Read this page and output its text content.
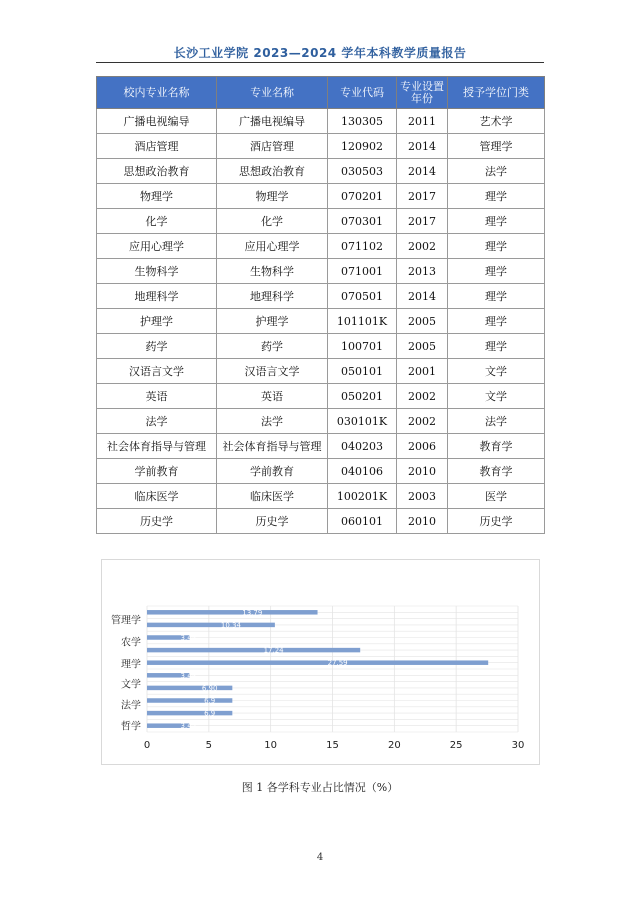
长沙工业学院 2023—2024 学年本科教学质量报告
校内专业名称	专业名称	专业代码	专业设置年份	授予学位门类
广播电视编导	广播电视编导	130305	2011	艺术学
酒店管理	酒店管理	120902	2014	管理学
思想政治教育	思想政治教育	030503	2014	法学
物理学	物理学	070201	2017	理学
化学	化学	070301	2017	理学
应用心理学	应用心理学	071102	2002	理学
生物科学	生物科学	071001	2013	理学
地理科学	地理科学	070501	2014	理学
护理学	护理学	101101K	2005	理学
药学	药学	100701	2005	理学
汉语言文学	汉语言文学	050101	2001	文学
英语	英语	050201	2002	文学
法学	法学	030101K	2002	法学
社会体育指导与管理	社会体育指导与管理	040203	2006	教育学
学前教育	学前教育	040106	2010	教育学
临床医学	临床医学	100201K	2003	医学
历史学	历史学	060101	2010	历史学
13.79
10.34
3.45
17.24
27.59
3.45
6.90
6.9
6.9
3.45
管理学
农学
理学
文学
法学
哲学
0	5	10	15	20	25	30
图 1 各学科专业占比情况（%）
4
